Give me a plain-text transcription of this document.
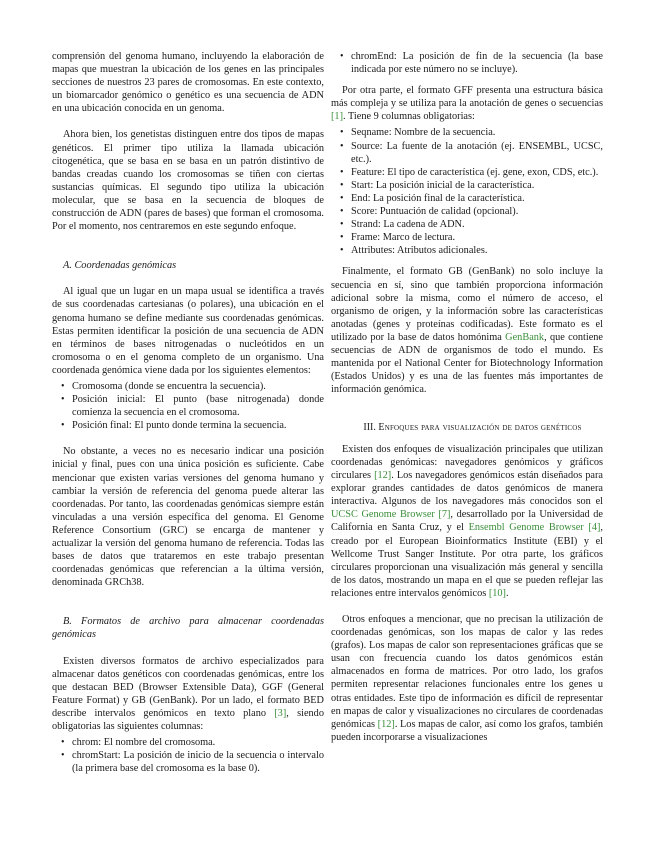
comprensión del genoma humano, incluyendo la elaboración de mapas que muestran la ubicación de los genes en las principales secciones de nuestros 23 pares de cromosomas. En este contexto, un biomarcador genómico o genético es una secuencia de ADN en una ubicación conocida en un genoma.

Ahora bien, los genetistas distinguen entre dos tipos de mapas genéticos. El primer tipo utiliza la llamada ubicación citogenética, que se basa en se basa en un patrón distintivo de bandas creadas cuando los cromosomas se tiñen con ciertas sustancias químicas. El segundo tipo utiliza la ubicación molecular, que se basa en la secuencia de bloques de construcción de ADN (pares de bases) que forman el cromosoma. Por el momento, nos centraremos en este segundo enfoque.

A. Coordenadas genómicas

Al igual que un lugar en un mapa usual se identifica a través de sus coordenadas cartesianas (o polares), una ubicación en el genoma humano se define mediante sus coordenadas genómicas. Estas permiten identificar la posición de una secuencia de ADN en términos de bases nitrogenadas o nucleótidos en un cromosoma o en el genoma completo de un organismo. Una coordenada genómica viene dada por los siguientes elementos:

• Cromosoma (donde se encuentra la secuencia).
• Posición inicial: El punto (base nitrogenada) donde comienza la secuencia en el cromosoma.
• Posición final: El punto donde termina la secuencia.

No obstante, a veces no es necesario indicar una posición inicial y final, pues con una única posición es suficiente. Cabe mencionar que existen varias versiones del genoma humano y cambiar la versión de referencia del genoma puede alterar las coordenadas. Por tanto, las coordenadas genómicas siempre están vinculadas a una versión específica del genoma. El Genome Reference Consortium (GRC) se encarga de mantener y actualizar la versión del genoma humano de referencia. Todas las bases de datos que trataremos en este trabajo presentan coordenadas genómicas que referencian a la última versión, denominada GRCh38.

B. Formatos de archivo para almacenar coordenadas genómicas

Existen diversos formatos de archivo especializados para almacenar datos genéticos con coordenadas genómicas, entre los que destacan BED (Browser Extensible Data), GGF (General Feature Format) y GB (GenBank). Por un lado, el formato BED describe intervalos genómicos en texto plano [3], siendo obligatorias las siguientes columnas:

• chrom: El nombre del cromosoma.
• chromStart: La posición de inicio de la secuencia o intervalo (la primera base del cromosoma es la base 0).
• chromEnd: La posición de fin de la secuencia (la base indicada por este número no se incluye).

Por otra parte, el formato GFF presenta una estructura básica más compleja y se utiliza para la anotación de genes o secuencias [1]. Tiene 9 columnas obligatorias:

• Seqname: Nombre de la secuencia.
• Source: La fuente de la anotación (ej. ENSEMBL, UCSC, etc.).
• Feature: El tipo de característica (ej. gene, exon, CDS, etc.).
• Start: La posición inicial de la característica.
• End: La posición final de la característica.
• Score: Puntuación de calidad (opcional).
• Strand: La cadena de ADN.
• Frame: Marco de lectura.
• Attributes: Atributos adicionales.

Finalmente, el formato GB (GenBank) no solo incluye la secuencia en sí, sino que también proporciona información adicional sobre la misma, como el número de acceso, el organismo de origen, y la información sobre las características anotadas (genes y proteínas codificadas). Este formato es el utilizado por la base de datos homónima GenBank, que contiene secuencias de ADN de organismos de todo el mundo. Es mantenida por el National Center for Biotechnology Information (Estados Unidos) y es una de las fuentes más importantes de información genómica.

III. Enfoques para visualización de datos genéticos

Existen dos enfoques de visualización principales que utilizan coordenadas genómicas: navegadores genómicos y gráficos circulares [12]. Los navegadores genómicos están diseñados para explorar grandes cantidades de datos genómicos de manera interactiva. Algunos de los navegadores más conocidos son el UCSC Genome Browser [7], desarrollado por la Universidad de California en Santa Cruz, y el Ensembl Genome Browser [4], creado por el European Bioinformatics Institute (EBI) y el Wellcome Trust Sanger Institute. Por otra parte, los gráficos circulares proporcionan una visualización más general y sencilla de los datos, mostrando un mapa en el que se pueden reflejar las relaciones entre intervalos genómicos [10].

Otros enfoques a mencionar, que no precisan la utilización de coordenadas genómicas, son los mapas de calor y las redes (grafos). Los mapas de calor son representaciones gráficas que se usan con frecuencia cuando los datos genómicos están almacenados en forma de matrices. Por otro lado, los grafos permiten representar relaciones funcionales entre los genes u otras entidades. Este tipo de información es difícil de representar en mapas de calor y visualizaciones no circulares de coordenadas genómicas [12]. Los mapas de calor, así como los grafos, también pueden incorporarse a visualizaciones
